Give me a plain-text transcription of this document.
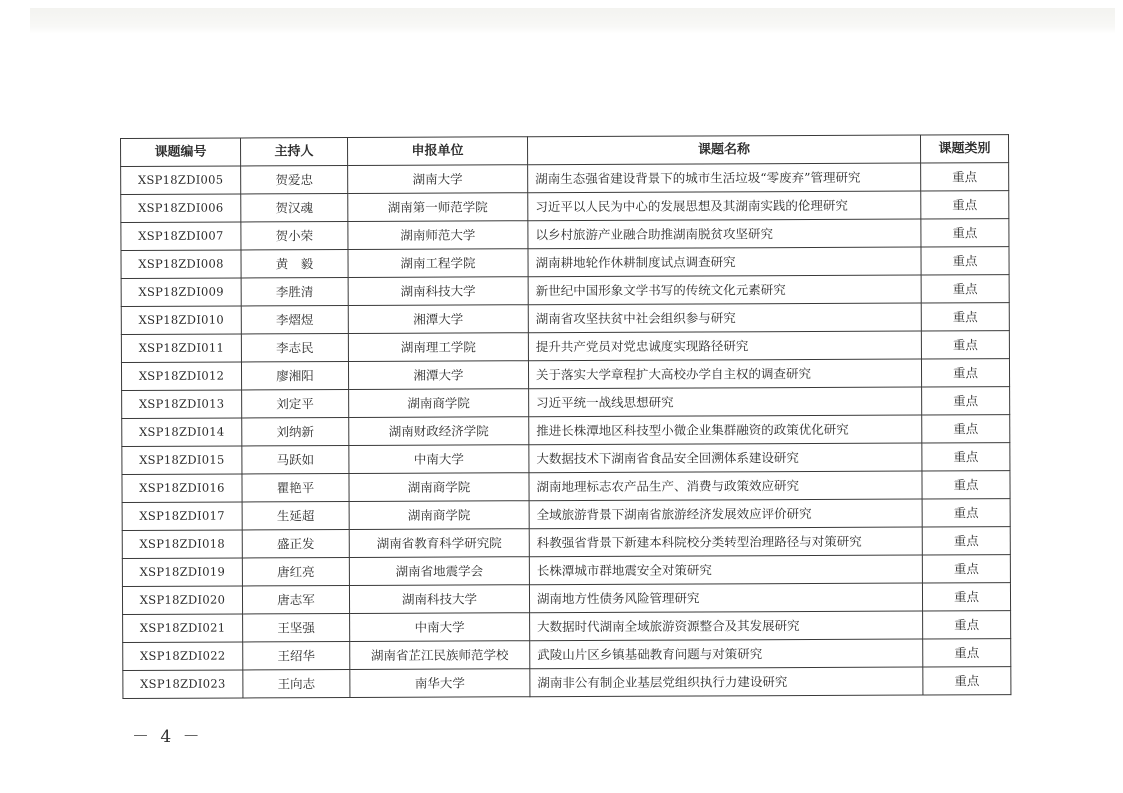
课题编号	主持人	申报单位	课题名称	课题类别
XSP18ZDI005	贺爱忠	湖南大学	湖南生态强省建设背景下的城市生活垃圾“零废弃”管理研究	重点
XSP18ZDI006	贺汉魂	湖南第一师范学院	习近平以人民为中心的发展思想及其湖南实践的伦理研究	重点
XSP18ZDI007	贺小荣	湖南师范大学	以乡村旅游产业融合助推湖南脱贫攻坚研究	重点
XSP18ZDI008	黄　毅	湖南工程学院	湖南耕地轮作休耕制度试点调查研究	重点
XSP18ZDI009	李胜清	湖南科技大学	新世纪中国形象文学书写的传统文化元素研究	重点
XSP18ZDI010	李熠煜	湘潭大学	湖南省攻坚扶贫中社会组织参与研究	重点
XSP18ZDI011	李志民	湖南理工学院	提升共产党员对党忠诚度实现路径研究	重点
XSP18ZDI012	廖湘阳	湘潭大学	关于落实大学章程扩大高校办学自主权的调查研究	重点
XSP18ZDI013	刘定平	湖南商学院	习近平统一战线思想研究	重点
XSP18ZDI014	刘纳新	湖南财政经济学院	推进长株潭地区科技型小微企业集群融资的政策优化研究	重点
XSP18ZDI015	马跃如	中南大学	大数据技术下湖南省食品安全回溯体系建设研究	重点
XSP18ZDI016	瞿艳平	湖南商学院	湖南地理标志农产品生产、消费与政策效应研究	重点
XSP18ZDI017	生延超	湖南商学院	全域旅游背景下湖南省旅游经济发展效应评价研究	重点
XSP18ZDI018	盛正发	湖南省教育科学研究院	科教强省背景下新建本科院校分类转型治理路径与对策研究	重点
XSP18ZDI019	唐红亮	湖南省地震学会	长株潭城市群地震安全对策研究	重点
XSP18ZDI020	唐志军	湖南科技大学	湖南地方性债务风险管理研究	重点
XSP18ZDI021	王坚强	中南大学	大数据时代湖南全域旅游资源整合及其发展研究	重点
XSP18ZDI022	王绍华	湖南省芷江民族师范学校	武陵山片区乡镇基础教育问题与对策研究	重点
XSP18ZDI023	王向志	南华大学	湖南非公有制企业基层党组织执行力建设研究	重点
－ 4 －
